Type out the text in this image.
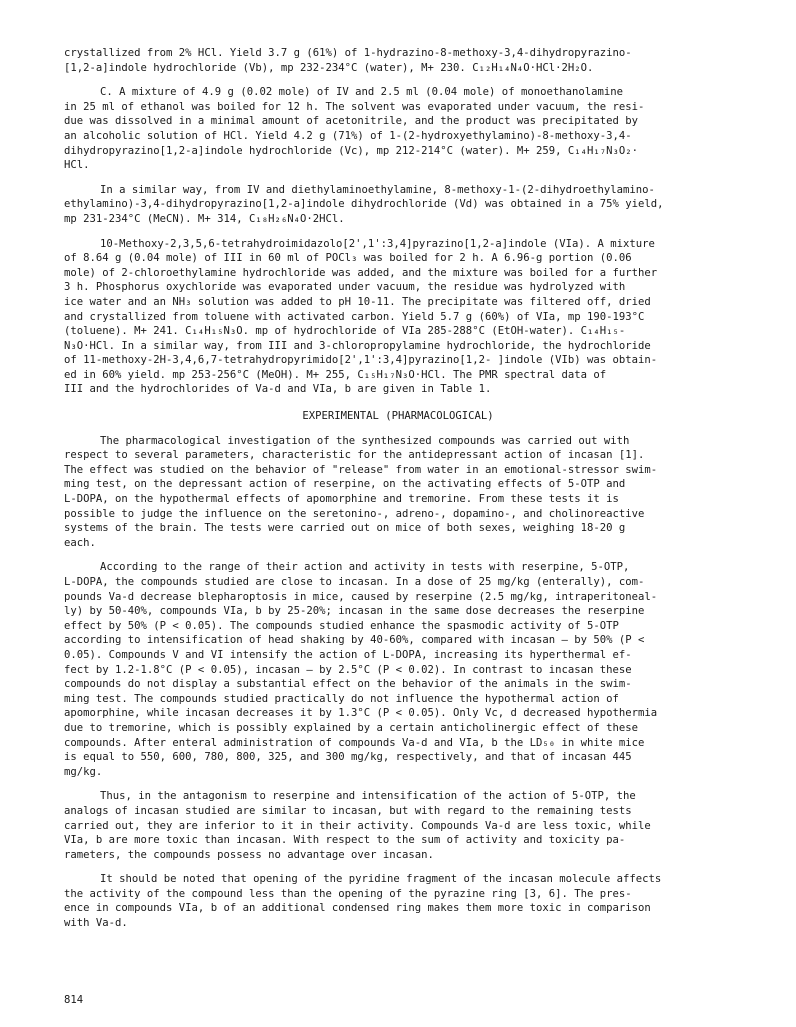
crystallized from 2% HCl. Yield 3.7 g (61%) of 1-hydrazino-8-methoxy-3,4-dihydropyrazino-
[1,2-a]indole hydrochloride (Vb), mp 232-234°C (water), M+ 230. C₁₂H₁₄N₄O·HCl·2H₂O.

C. A mixture of 4.9 g (0.02 mole) of IV and 2.5 ml (0.04 mole) of monoethanolamine
in 25 ml of ethanol was boiled for 12 h. The solvent was evaporated under vacuum, the resi-
due was dissolved in a minimal amount of acetonitrile, and the product was precipitated by
an alcoholic solution of HCl. Yield 4.2 g (71%) of 1-(2-hydroxyethylamino)-8-methoxy-3,4-
dihydropyrazino[1,2-a]indole hydrochloride (Vc), mp 212-214°C (water). M+ 259, C₁₄H₁₇N₃O₂·
HCl.

In a similar way, from IV and diethylaminoethylamine, 8-methoxy-1-(2-dihydroethylamino-
ethylamino)-3,4-dihydropyrazino[1,2-a]indole dihydrochloride (Vd) was obtained in a 75% yield,
mp 231-234°C (MeCN). M+ 314, C₁₈H₂₆N₄O·2HCl.

10-Methoxy-2,3,5,6-tetrahydroimidazolo[2',1':3,4]pyrazino[1,2-a]indole (VIa). A mixture
of 8.64 g (0.04 mole) of III in 60 ml of POCl₃ was boiled for 2 h. A 6.96-g portion (0.06
mole) of 2-chloroethylamine hydrochloride was added, and the mixture was boiled for a further
3 h. Phosphorus oxychloride was evaporated under vacuum, the residue was hydrolyzed with
ice water and an NH₃ solution was added to pH 10-11. The precipitate was filtered off, dried
and crystallized from toluene with activated carbon. Yield 5.7 g (60%) of VIa, mp 190-193°C
(toluene). M+ 241. C₁₄H₁₅N₃O. mp of hydrochloride of VIa 285-288°C (EtOH-water). C₁₄H₁₅-
N₃O·HCl. In a similar way, from III and 3-chloropropylamine hydrochloride, the hydrochloride
of 11-methoxy-2H-3,4,6,7-tetrahydropyrimido[2',1':3,4]pyrazino[1,2- ]indole (VIb) was obtain-
ed in 60% yield. mp 253-256°C (MeOH). M+ 255, C₁₅H₁₇N₃O·HCl. The PMR spectral data of
III and the hydrochlorides of Va-d and VIa, b are given in Table 1.

EXPERIMENTAL (PHARMACOLOGICAL)

The pharmacological investigation of the synthesized compounds was carried out with
respect to several parameters, characteristic for the antidepressant action of incasan [1].
The effect was studied on the behavior of "release" from water in an emotional-stressor swim-
ming test, on the depressant action of reserpine, on the activating effects of 5-OTP and
L-DOPA, on the hypothermal effects of apomorphine and tremorine. From these tests it is
possible to judge the influence on the seretonino-, adreno-, dopamino-, and cholinoreactive
systems of the brain. The tests were carried out on mice of both sexes, weighing 18-20 g
each.

According to the range of their action and activity in tests with reserpine, 5-OTP,
L-DOPA, the compounds studied are close to incasan. In a dose of 25 mg/kg (enterally), com-
pounds Va-d decrease blepharoptosis in mice, caused by reserpine (2.5 mg/kg, intraperitoneal-
ly) by 50-40%, compounds VIa, b by 25-20%; incasan in the same dose decreases the reserpine
effect by 50% (P < 0.05). The compounds studied enhance the spasmodic activity of 5-OTP
according to intensification of head shaking by 40-60%, compared with incasan — by 50% (P <
0.05). Compounds V and VI intensify the action of L-DOPA, increasing its hyperthermal ef-
fect by 1.2-1.8°C (P < 0.05), incasan — by 2.5°C (P < 0.02). In contrast to incasan these
compounds do not display a substantial effect on the behavior of the animals in the swim-
ming test. The compounds studied practically do not influence the hypothermal action of
apomorphine, while incasan decreases it by 1.3°C (P < 0.05). Only Vc, d decreased hypothermia
due to tremorine, which is possibly explained by a certain anticholinergic effect of these
compounds. After enteral administration of compounds Va-d and VIa, b the LD₅₀ in white mice
is equal to 550, 600, 780, 800, 325, and 300 mg/kg, respectively, and that of incasan 445
mg/kg.

Thus, in the antagonism to reserpine and intensification of the action of 5-OTP, the
analogs of incasan studied are similar to incasan, but with regard to the remaining tests
carried out, they are inferior to it in their activity. Compounds Va-d are less toxic, while
VIa, b are more toxic than incasan. With respect to the sum of activity and toxicity pa-
rameters, the compounds possess no advantage over incasan.

It should be noted that opening of the pyridine fragment of the incasan molecule affects
the activity of the compound less than the opening of the pyrazine ring [3, 6]. The pres-
ence in compounds VIa, b of an additional condensed ring makes them more toxic in comparison
with Va-d.

814
